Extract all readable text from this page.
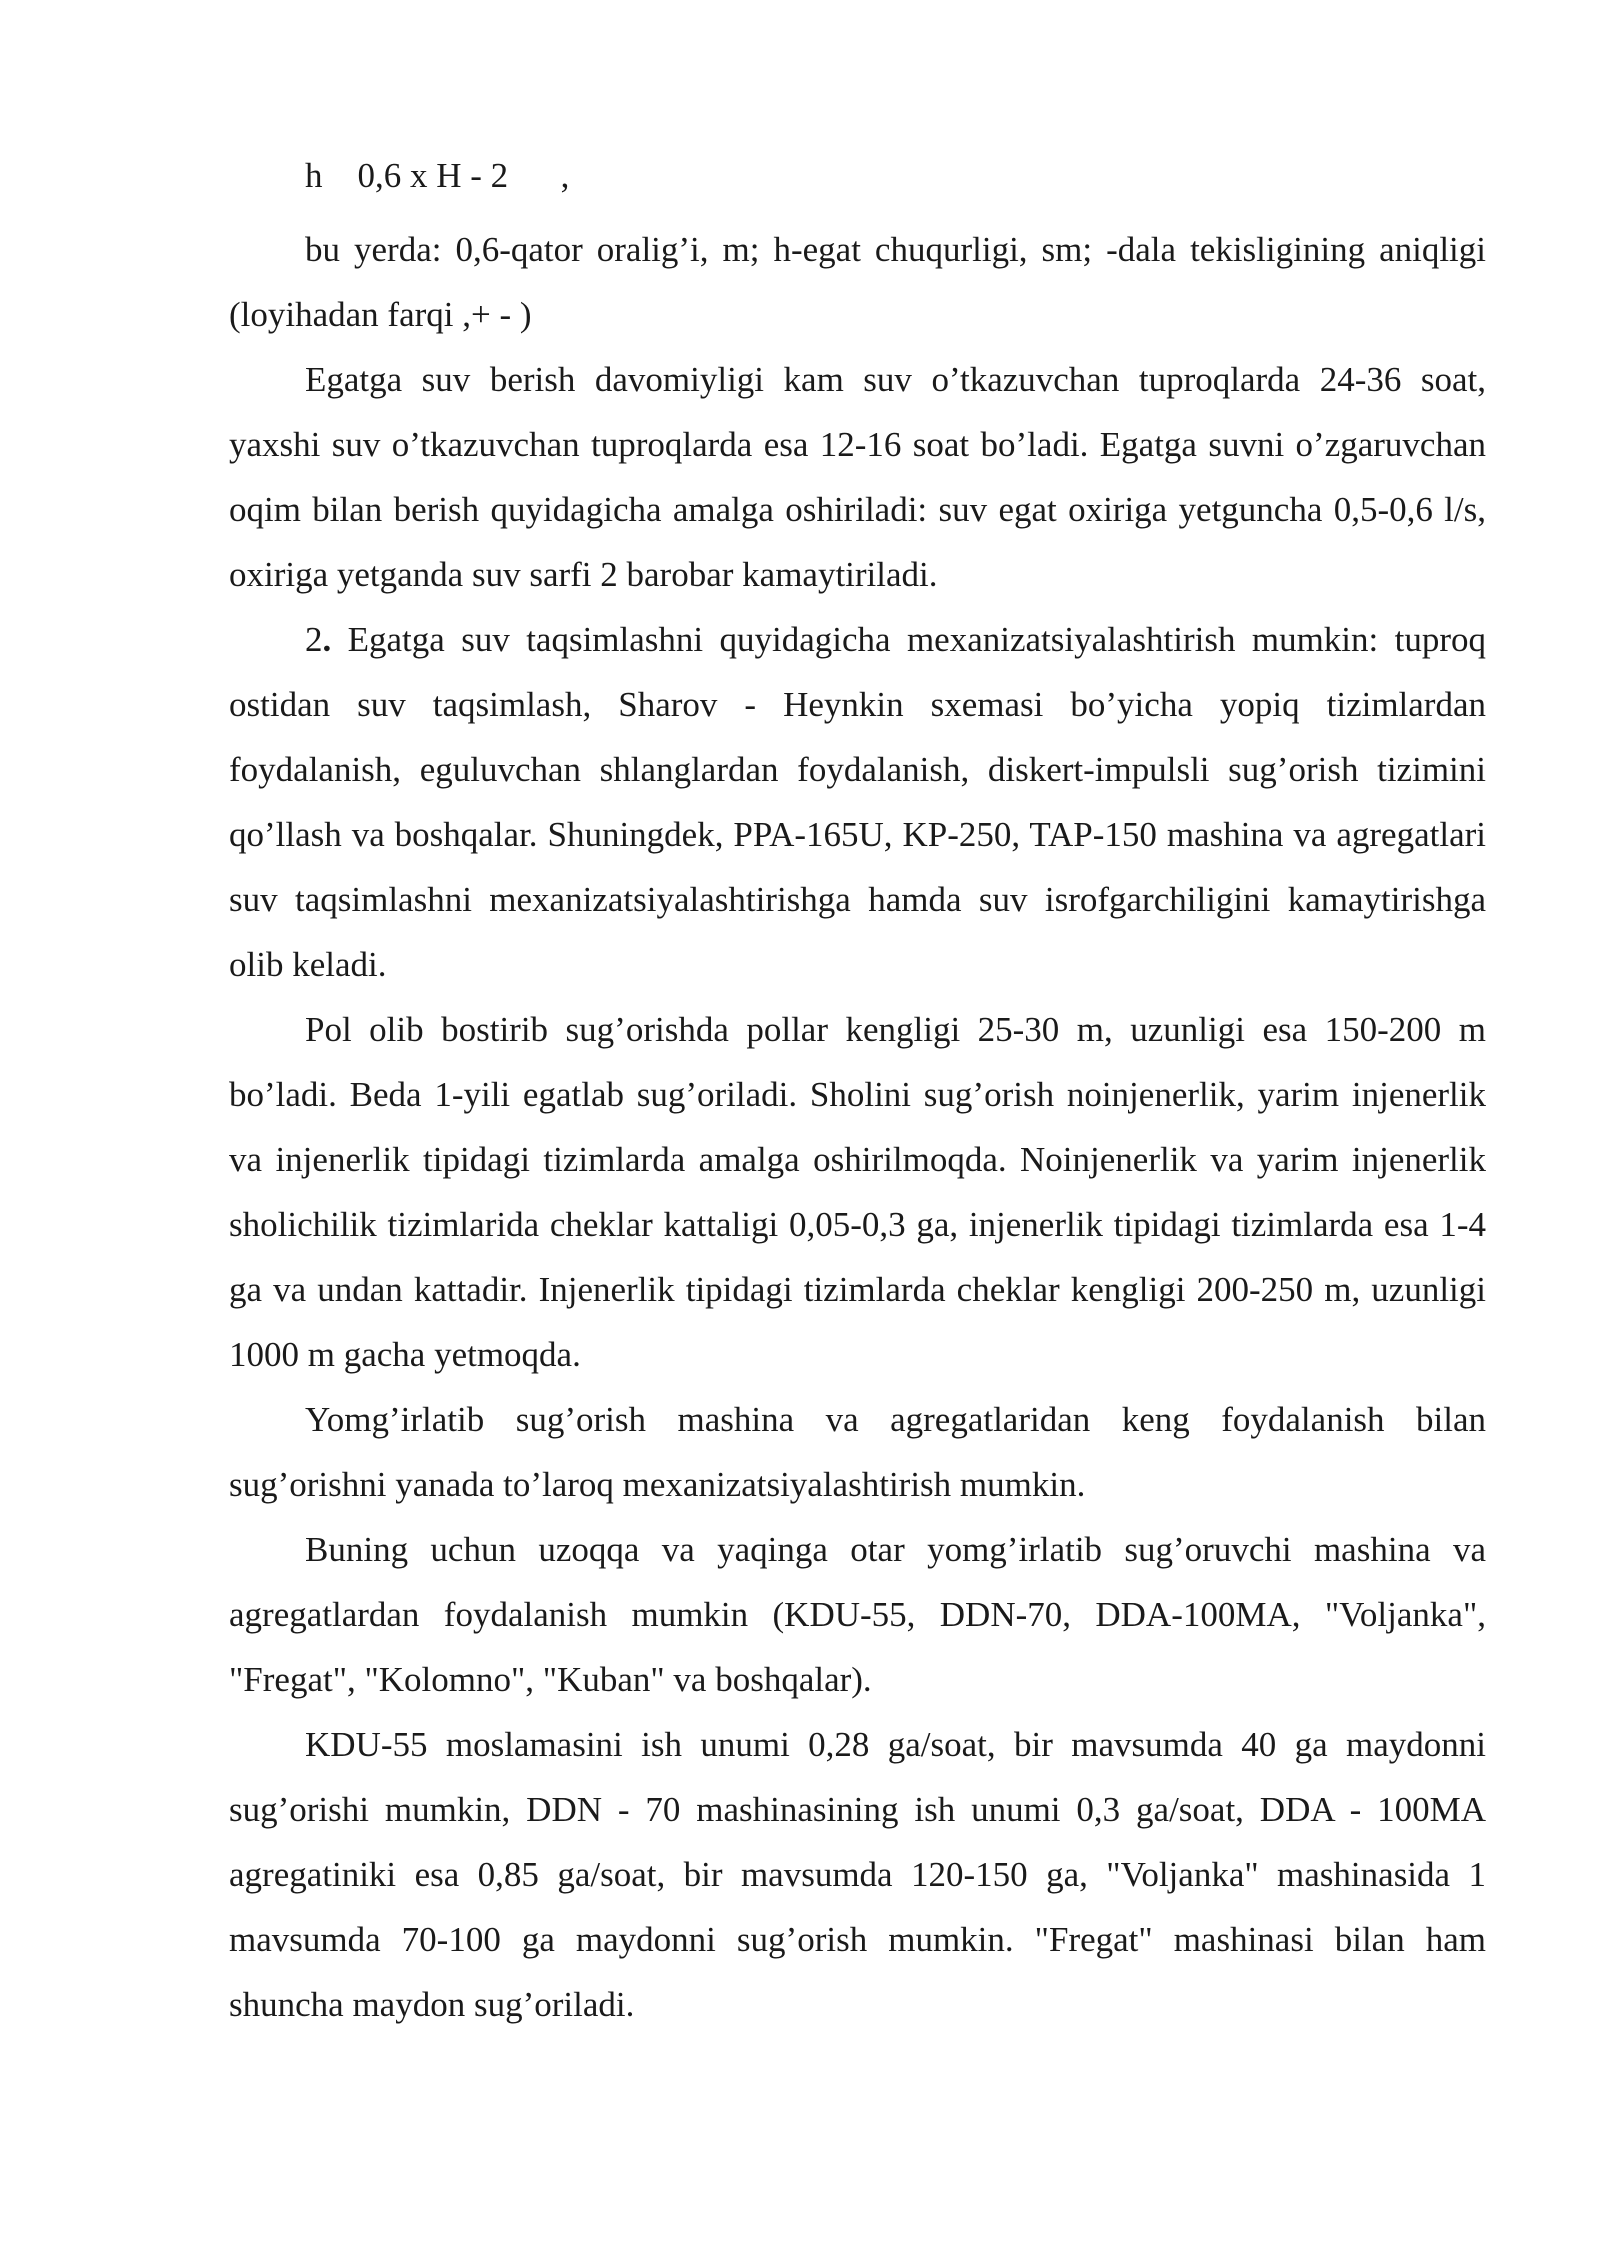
h    0,6 x H - 2      ,

bu yerda: 0,6-qator oralig’i, m; h-egat chuqurligi, sm; -dala tekisligining aniqligi (loyihadan farqi ,+ - )

Egatga suv berish davomiyligi kam suv o’tkazuvchan tuproqlarda 24-36 soat, yaxshi suv o’tkazuvchan tuproqlarda esa 12-16 soat bo’ladi. Egatga suvni o’zgaruvchan oqim bilan berish quyidagicha amalga oshiriladi: suv egat oxiriga yetguncha 0,5-0,6 l/s, oxiriga yetganda suv sarfi 2 barobar kamaytiriladi.

2. Egatga suv taqsimlashni quyidagicha mexanizatsiyalashtirish mumkin: tuproq ostidan suv taqsimlash, Sharov - Heynkin sxemasi bo’yicha yopiq tizimlardan foydalanish, eguluvchan shlanglardan foydalanish, diskert-impulsli sug’orish tizimini qo’llash va boshqalar. Shuningdek, PPA-165U, KP-250, TAP-150 mashina va agregatlari suv taqsimlashni mexanizatsiyalashtirishga hamda suv isrofgarchiligini kamaytirishga olib keladi.

Pol olib bostirib sug’orishda pollar kengligi 25-30 m, uzunligi esa 150-200 m bo’ladi. Beda 1-yili egatlab sug’oriladi. Sholini sug’orish noinjenerlik, yarim injenerlik va injenerlik tipidagi tizimlarda amalga oshirilmoqda. Noinjenerlik va yarim injenerlik sholichilik tizimlarida cheklar kattaligi 0,05-0,3 ga, injenerlik tipidagi tizimlarda esa 1-4 ga va undan kattadir. Injenerlik tipidagi tizimlarda cheklar kengligi 200-250 m, uzunligi 1000 m gacha yetmoqda.

Yomg’irlatib sug’orish mashina va agregatlaridan keng foydalanish bilan sug’orishni yanada to’laroq mexanizatsiyalashtirish mumkin.

Buning uchun uzoqqa va yaqinga otar yomg’irlatib sug’oruvchi mashina va agregatlardan foydalanish mumkin (KDU-55, DDN-70, DDA-100MA, "Voljanka", "Fregat", "Kolomno", "Kuban" va boshqalar).

KDU-55 moslamasini ish unumi 0,28 ga/soat, bir mavsumda 40 ga maydonni sug’orishi mumkin, DDN - 70 mashinasining ish unumi 0,3 ga/soat, DDA - 100MA agregatiniki esa 0,85 ga/soat, bir mavsumda 120-150 ga, "Voljanka" mashinasida 1 mavsumda 70-100 ga maydonni sug’orish mumkin. "Fregat" mashinasi bilan ham shuncha maydon sug’oriladi.
